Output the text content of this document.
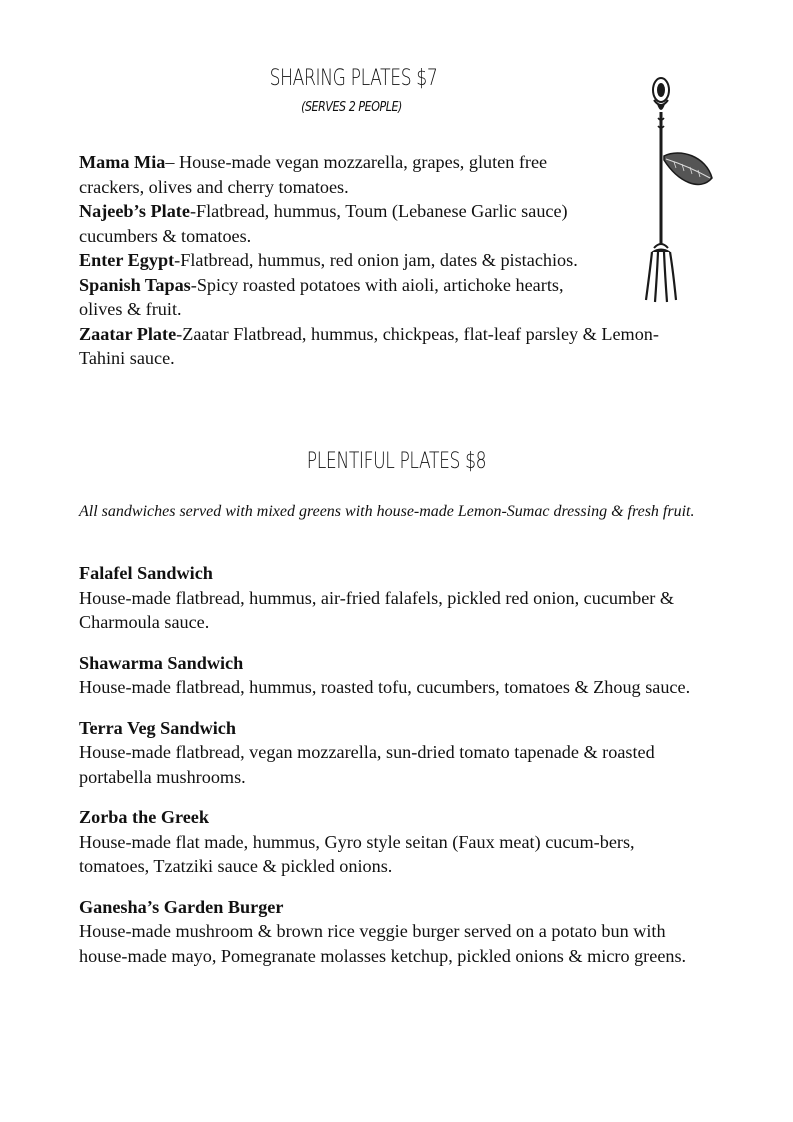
SHARING PLATES $7
(SERVES 2 PEOPLE)

Mama Mia– House-made vegan mozzarella, grapes, gluten free crackers, olives and cherry tomatoes.

Najeeb’s Plate-Flatbread, hummus, Toum (Lebanese Garlic sauce) cucumbers & tomatoes.

Enter Egypt-Flatbread, hummus, red onion jam, dates & pistachios.

Spanish Tapas-Spicy roasted potatoes with aioli, artichoke hearts, olives & fruit.

Zaatar Plate-Zaatar Flatbread, hummus, chickpeas, flat-leaf parsley & Lemon-Tahini sauce.

PLENTIFUL PLATES $8
All sandwiches served with mixed greens with house-made Lemon-Sumac dressing & fresh fruit.
Falafel Sandwich
House-made flatbread, hummus, air-fried falafels, pickled red onion, cucumber & Charmoula sauce.
Shawarma Sandwich
House-made flatbread, hummus, roasted tofu, cucumbers, tomatoes & Zhoug sauce.
Terra Veg Sandwich
House-made flatbread, vegan mozzarella, sun-dried tomato tapenade & roasted portabella mushrooms.
Zorba the Greek
House-made flat made, hummus, Gyro style seitan (Faux meat) cucum-bers, tomatoes, Tzatziki sauce & pickled onions.
Ganesha’s Garden Burger
House-made mushroom & brown rice veggie burger served on a potato bun with house-made mayo, Pomegranate molasses ketchup, pickled onions & micro greens.
